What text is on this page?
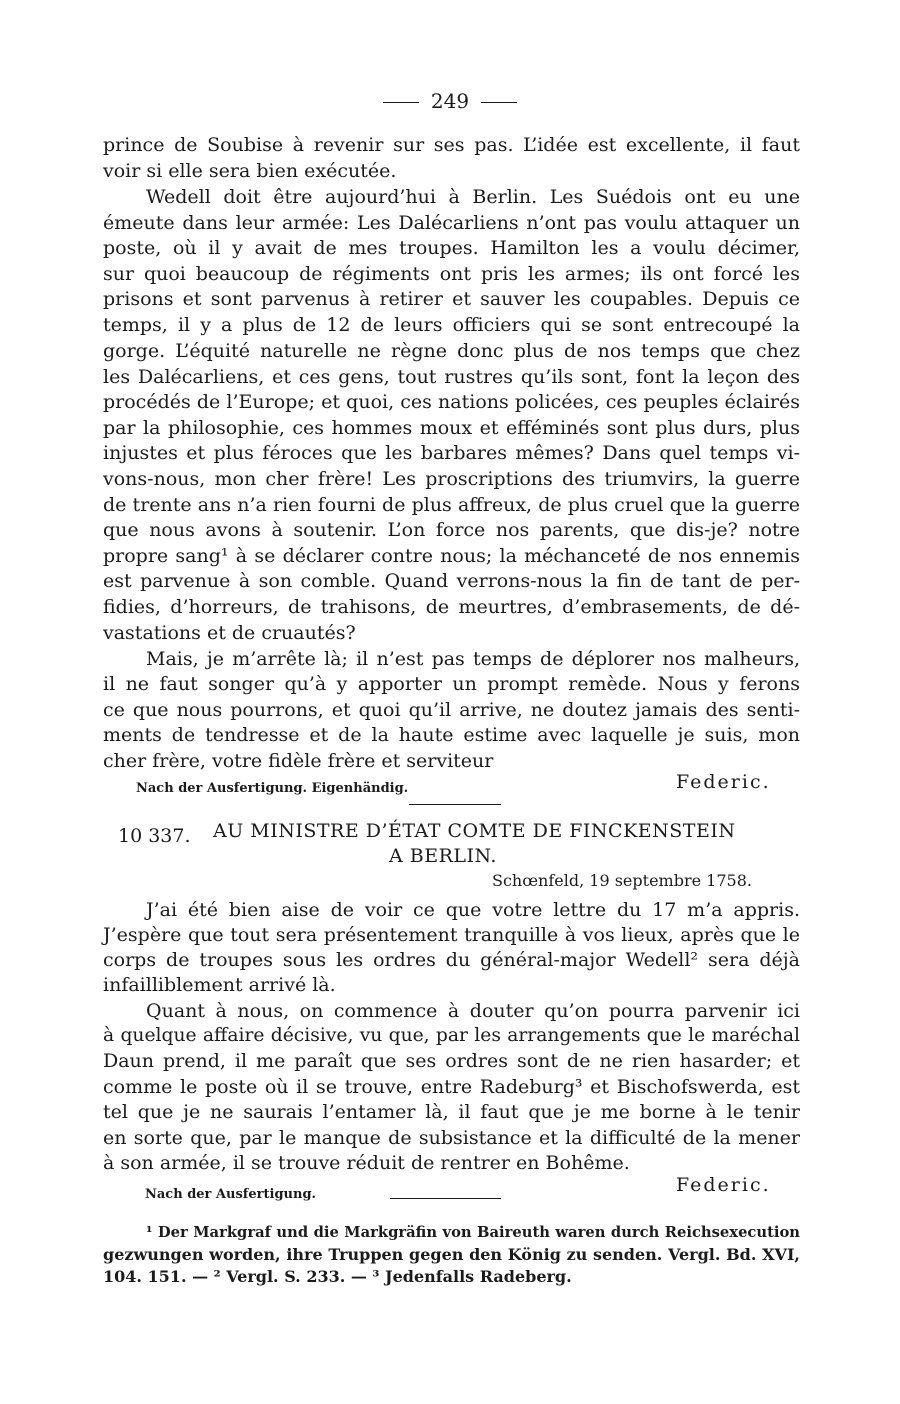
249
prince de Soubise à revenir sur ses pas. L’idée est excellente, il faut
voir si elle sera bien exécutée.
Wedell doit être aujourd’hui à Berlin. Les Suédois ont eu une
émeute dans leur armée: Les Dalécarliens n’ont pas voulu attaquer un
poste, où il y avait de mes troupes. Hamilton les a voulu décimer,
sur quoi beaucoup de régiments ont pris les armes; ils ont forcé les
prisons et sont parvenus à retirer et sauver les coupables. Depuis ce
temps, il y a plus de 12 de leurs officiers qui se sont entrecoupé la
gorge. L’équité naturelle ne règne donc plus de nos temps que chez
les Dalécarliens, et ces gens, tout rustres qu’ils sont, font la leçon des
procédés de l’Europe; et quoi, ces nations policées, ces peuples éclairés
par la philosophie, ces hommes moux et efféminés sont plus durs, plus
injustes et plus féroces que les barbares mêmes? Dans quel temps vi-
vons-nous, mon cher frère! Les proscriptions des triumvirs, la guerre
de trente ans n’a rien fourni de plus affreux, de plus cruel que la guerre
que nous avons à soutenir. L’on force nos parents, que dis-je? notre
propre sang¹ à se déclarer contre nous; la méchanceté de nos ennemis
est parvenue à son comble. Quand verrons-nous la fin de tant de per-
fidies, d’horreurs, de trahisons, de meurtres, d’embrasements, de dé-
vastations et de cruautés?
Mais, je m’arrête là; il n’est pas temps de déplorer nos malheurs,
il ne faut songer qu’à y apporter un prompt remède. Nous y ferons
ce que nous pourrons, et quoi qu’il arrive, ne doutez jamais des senti-
ments de tendresse et de la haute estime avec laquelle je suis, mon
cher frère, votre fidèle frère et serviteur
Nach der Ausfertigung. Eigenhändig.	Federic.
10 337. AU MINISTRE D’ÉTAT COMTE DE FINCKENSTEIN
A BERLIN.
Schœnfeld, 19 septembre 1758.
J’ai été bien aise de voir ce que votre lettre du 17 m’a appris.
J’espère que tout sera présentement tranquille à vos lieux, après que le
corps de troupes sous les ordres du général-major Wedell² sera déjà
infailliblement arrivé là.
Quant à nous, on commence à douter qu’on pourra parvenir ici
à quelque affaire décisive, vu que, par les arrangements que le maréchal
Daun prend, il me paraît que ses ordres sont de ne rien hasarder; et
comme le poste où il se trouve, entre Radeburg³ et Bischofswerda, est
tel que je ne saurais l’entamer là, il faut que je me borne à le tenir
en sorte que, par le manque de subsistance et la difficulté de la mener
à son armée, il se trouve réduit de rentrer en Bohême.
Nach der Ausfertigung.	Federic.
¹ Der Markgraf und die Markgräfin von Baireuth waren durch Reichsexecution
gezwungen worden, ihre Truppen gegen den König zu senden. Vergl. Bd. XVI,
104. 151. — ² Vergl. S. 233. — ³ Jedenfalls Radeberg.
